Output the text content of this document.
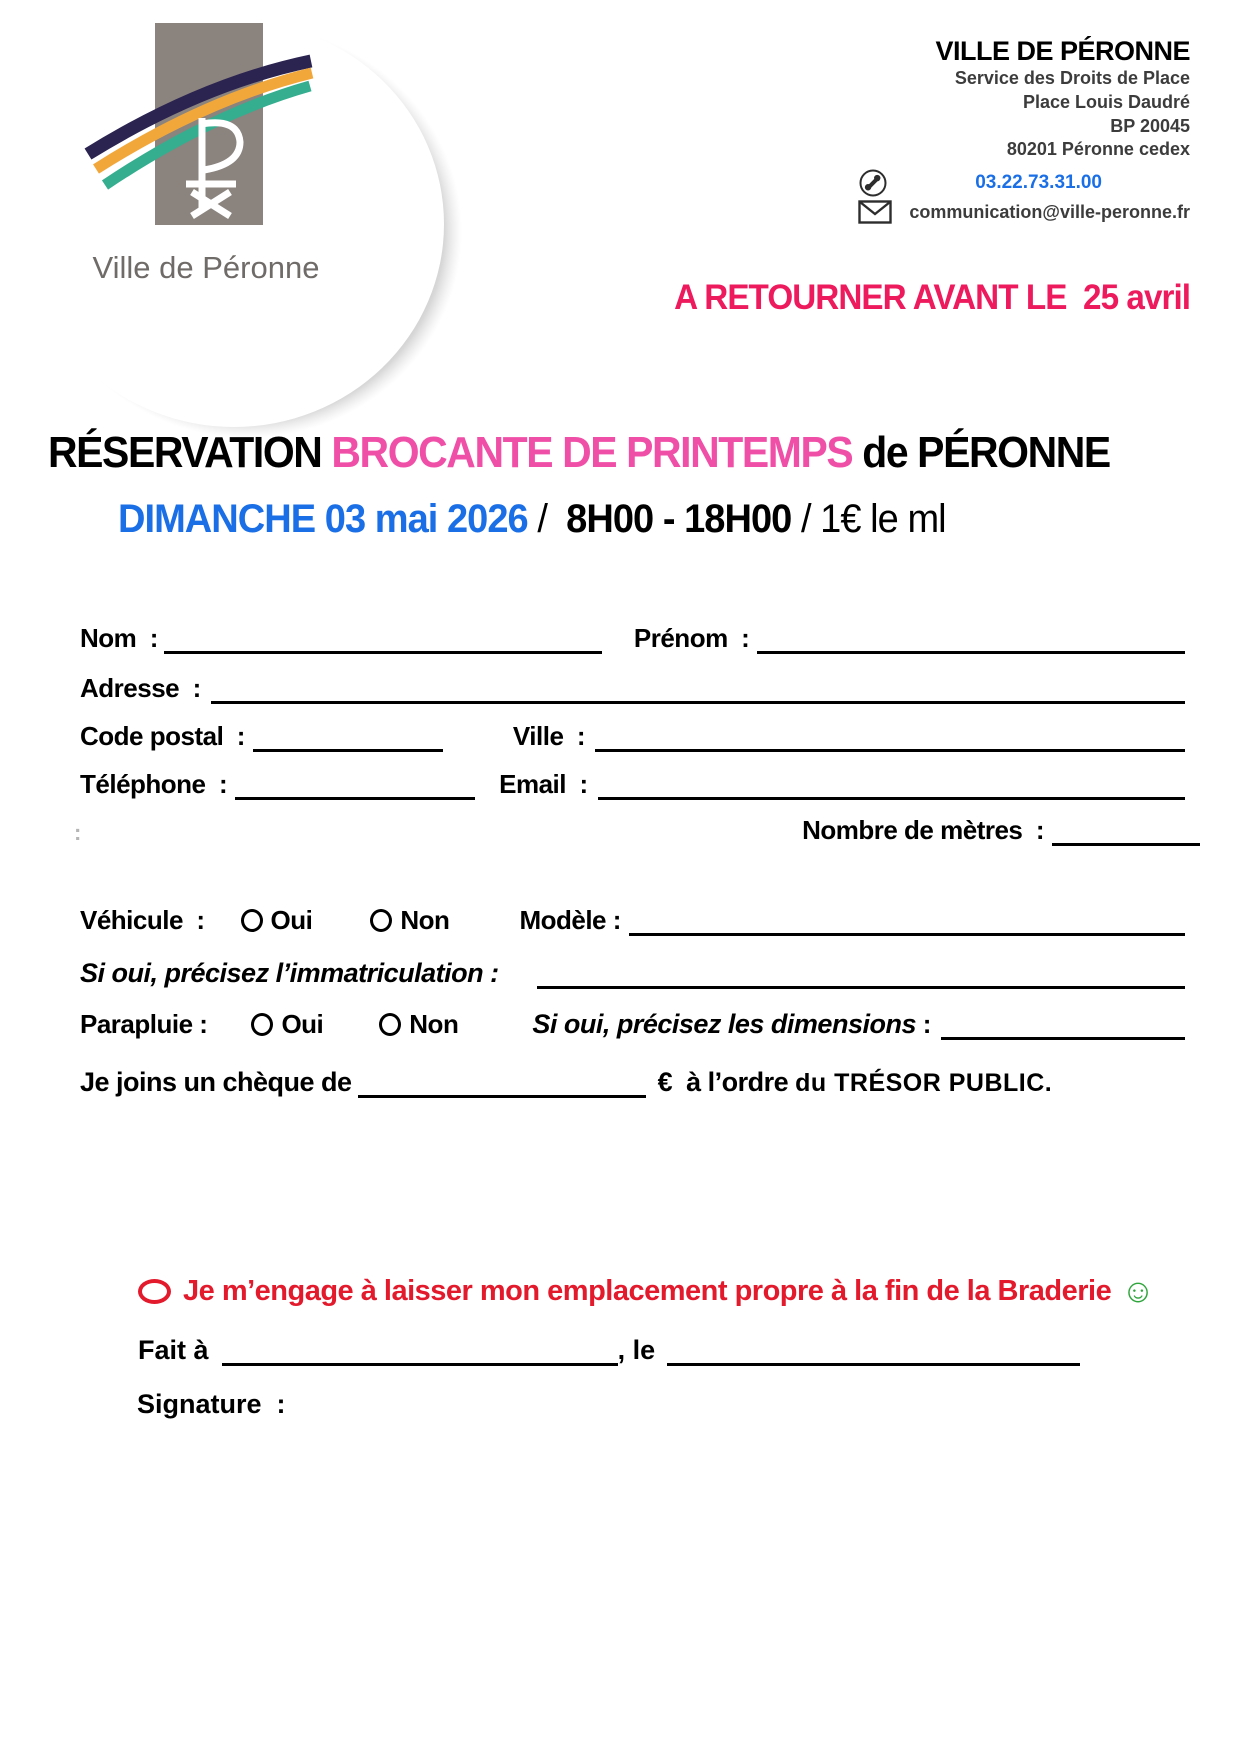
Ville de Péronne
VILLE DE PÉRONNE
Service des Droits de Place
Place Louis Daudré
BP 20045
80201 Péronne cedex
03.22.73.31.00
communication@ville-peronne.fr
A RETOURNER AVANT LE  25 avril
RÉSERVATION BROCANTE DE PRINTEMPS de PÉRONNE
DIMANCHE 03 mai 2026 /  8H00 - 18H00 / 1€ le ml
Nom  :	Prénom  :
Adresse  :
Code postal  :	Ville  :
Téléphone  :	Email  :
:	Nombre de mètres  :
Véhicule  :	Oui	Non	Modèle :
Si oui, précisez l’immatriculation :
Parapluie :	Oui	Non	Si oui, précisez les dimensions :
Je joins un chèque de	€  à l’ordre du TRÉSOR PUBLIC.
Je m’engage à laisser mon emplacement propre à la fin de la Braderie ☺
Fait à	, le
Signature  :
